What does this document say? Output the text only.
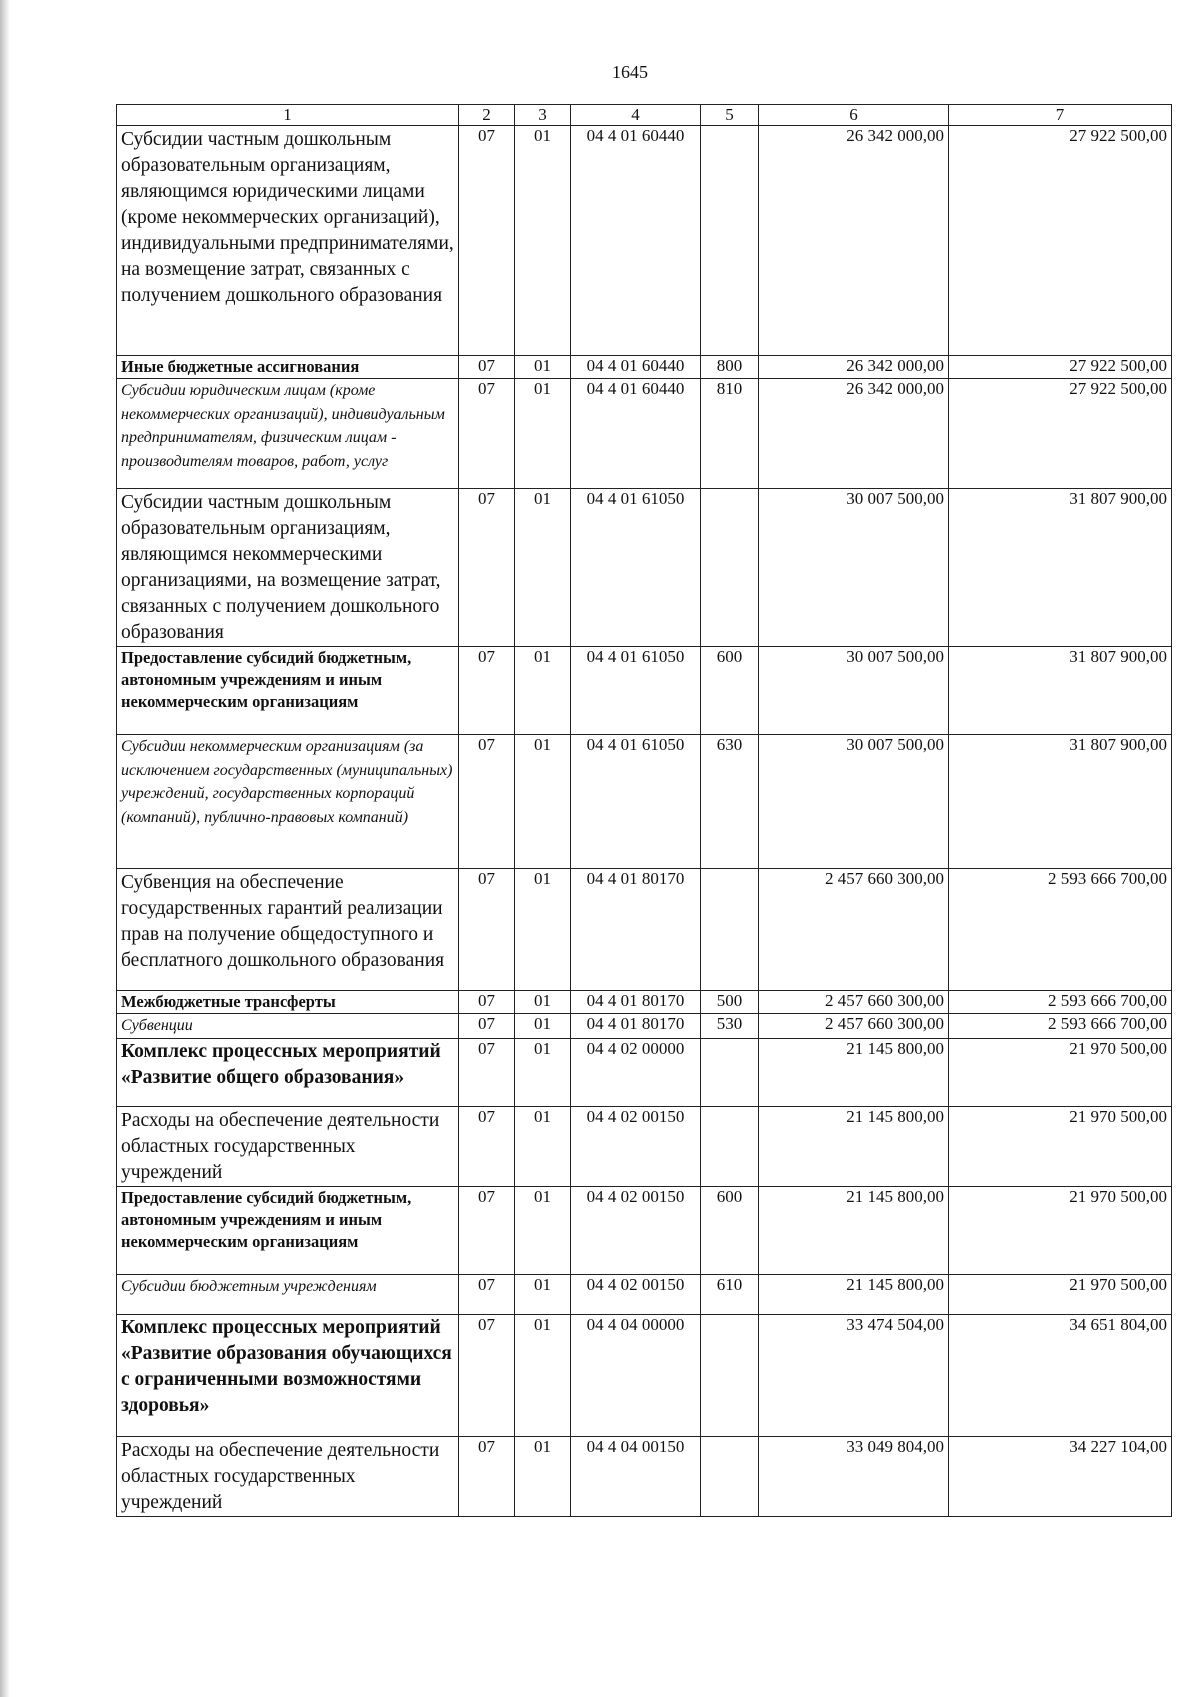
1645
1	2	3	4	5	6	7
Субсидии частным дошкольным образовательным организациям, являющимся юридическими лицами (кроме некоммерческих организаций), индивидуальными предпринимателями, на возмещение затрат, связанных с получением дошкольного образования	07	01	04 4 01 60440		26 342 000,00	27 922 500,00
Иные бюджетные ассигнования	07	01	04 4 01 60440	800	26 342 000,00	27 922 500,00
Субсидии юридическим лицам (кроме некоммерческих организаций), индивидуальным предпринимателям, физическим лицам - производителям товаров, работ, услуг	07	01	04 4 01 60440	810	26 342 000,00	27 922 500,00
Субсидии частным дошкольным образовательным организациям, являющимся некоммерческими организациями, на возмещение затрат, связанных с получением дошкольного образования	07	01	04 4 01 61050		30 007 500,00	31 807 900,00
Предоставление субсидий бюджетным, автономным учреждениям и иным некоммерческим организациям	07	01	04 4 01 61050	600	30 007 500,00	31 807 900,00
Субсидии некоммерческим организациям (за исключением государственных (муниципальных) учреждений, государственных корпораций (компаний), публично-правовых компаний)	07	01	04 4 01 61050	630	30 007 500,00	31 807 900,00
Субвенция на обеспечение государственных гарантий реализации прав на получение общедоступного и бесплатного дошкольного образования	07	01	04 4 01 80170		2 457 660 300,00	2 593 666 700,00
Межбюджетные трансферты	07	01	04 4 01 80170	500	2 457 660 300,00	2 593 666 700,00
Субвенции	07	01	04 4 01 80170	530	2 457 660 300,00	2 593 666 700,00
Комплекс процессных мероприятий «Развитие общего образования»	07	01	04 4 02 00000		21 145 800,00	21 970 500,00
Расходы на обеспечение деятельности областных государственных учреждений	07	01	04 4 02 00150		21 145 800,00	21 970 500,00
Предоставление субсидий бюджетным, автономным учреждениям и иным некоммерческим организациям	07	01	04 4 02 00150	600	21 145 800,00	21 970 500,00
Субсидии бюджетным учреждениям	07	01	04 4 02 00150	610	21 145 800,00	21 970 500,00
Комплекс процессных мероприятий «Развитие образования обучающихся с ограниченными возможностями здоровья»	07	01	04 4 04 00000		33 474 504,00	34 651 804,00
Расходы на обеспечение деятельности областных государственных учреждений	07	01	04 4 04 00150		33 049 804,00	34 227 104,00
